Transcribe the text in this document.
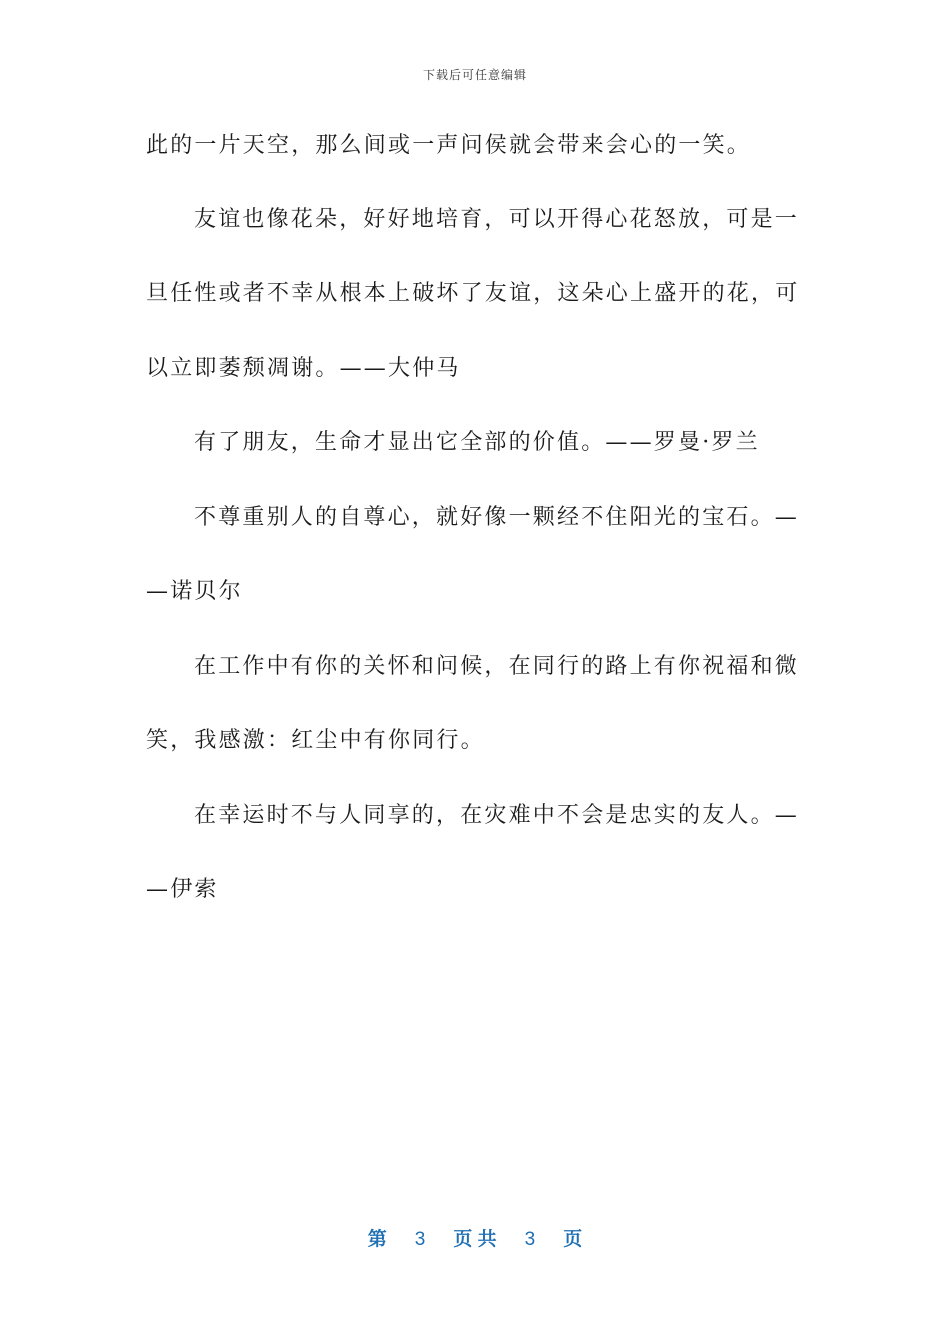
下载后可任意编辑
此的一片天空，那么间或一声问侯就会带来会心的一笑。
友谊也像花朵，好好地培育，可以开得心花怒放，可是一
旦任性或者不幸从根本上破坏了友谊，这朵心上盛开的花，可
以立即萎颓凋谢。——大仲马
有了朋友，生命才显出它全部的价值。——罗曼·罗兰
不尊重别人的自尊心，就好像一颗经不住阳光的宝石。—
—诺贝尔
在工作中有你的关怀和问候，在同行的路上有你祝福和微
笑，我感激：红尘中有你同行。
在幸运时不与人同享的，在灾难中不会是忠实的友人。—
—伊索
第 3 页 共 3 页
